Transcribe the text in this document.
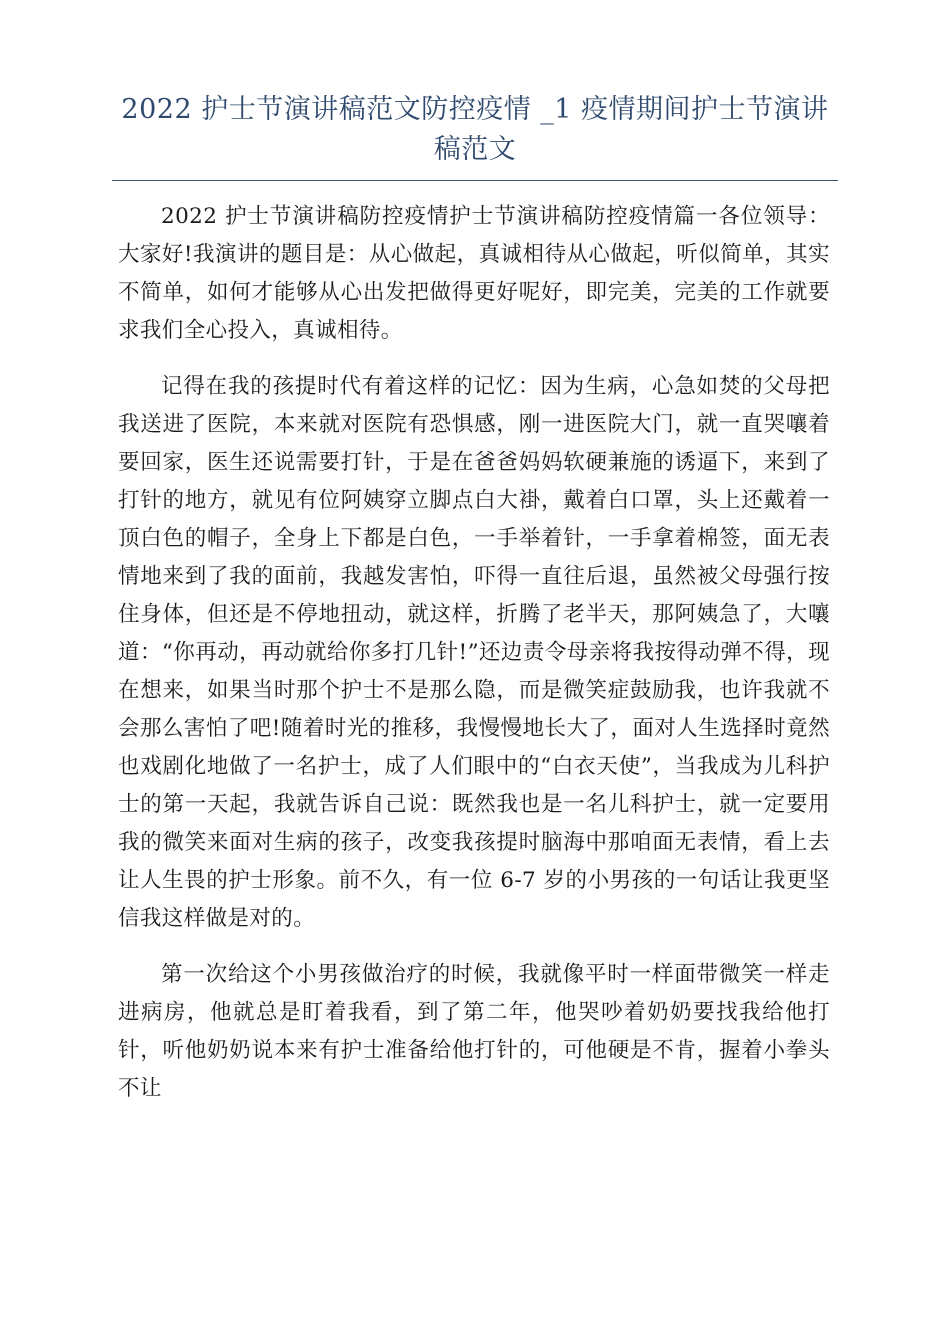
2022 护士节演讲稿范文防控疫情 _1 疫情期间护士节演讲稿范文

2022 护士节演讲稿防控疫情护士节演讲稿防控疫情篇一各位领导： 大家好!我演讲的题目是：从心做起，真诚相待从心做起，听似简单，其实不简单，如何才能够从心出发把做得更好呢好，即完美，完美的工作就要求我们全心投入，真诚相待。

记得在我的孩提时代有着这样的记忆：因为生病，心急如焚的父母把我送进了医院，本来就对医院有恐惧感，刚一进医院大门，就一直哭嚷着要回家，医生还说需要打针，于是在爸爸妈妈软硬兼施的诱逼下，来到了打针的地方，就见有位阿姨穿立脚点白大褂，戴着白口罩，头上还戴着一顶白色的帽子，全身上下都是白色，一手举着针，一手拿着棉签，面无表情地来到了我的面前，我越发害怕，吓得一直往后退，虽然被父母强行按住身体，但还是不停地扭动，就这样，折腾了老半天，那阿姨急了，大嚷道：“你再动，再动就给你多打几针!”还边责令母亲将我按得动弹不得，现在想来，如果当时那个护士不是那么隐，而是微笑症鼓励我，也许我就不会那么害怕了吧!随着时光的推移，我慢慢地长大了，面对人生选择时竟然也戏剧化地做了一名护士，成了人们眼中的“白衣天使”，当我成为儿科护士的第一天起，我就告诉自己说：既然我也是一名儿科护士，就一定要用我的微笑来面对生病的孩子，改变我孩提时脑海中那咱面无表情，看上去让人生畏的护士形象。前不久，有一位 6-7 岁的小男孩的一句话让我更坚信我这样做是对的。

第一次给这个小男孩做治疗的时候，我就像平时一样面带微笑一样走进病房，他就总是盯着我看，到了第二年，他哭吵着奶奶要找我给他打针，听他奶奶说本来有护士准备给他打针的，可他硬是不肯，握着小拳头不让
